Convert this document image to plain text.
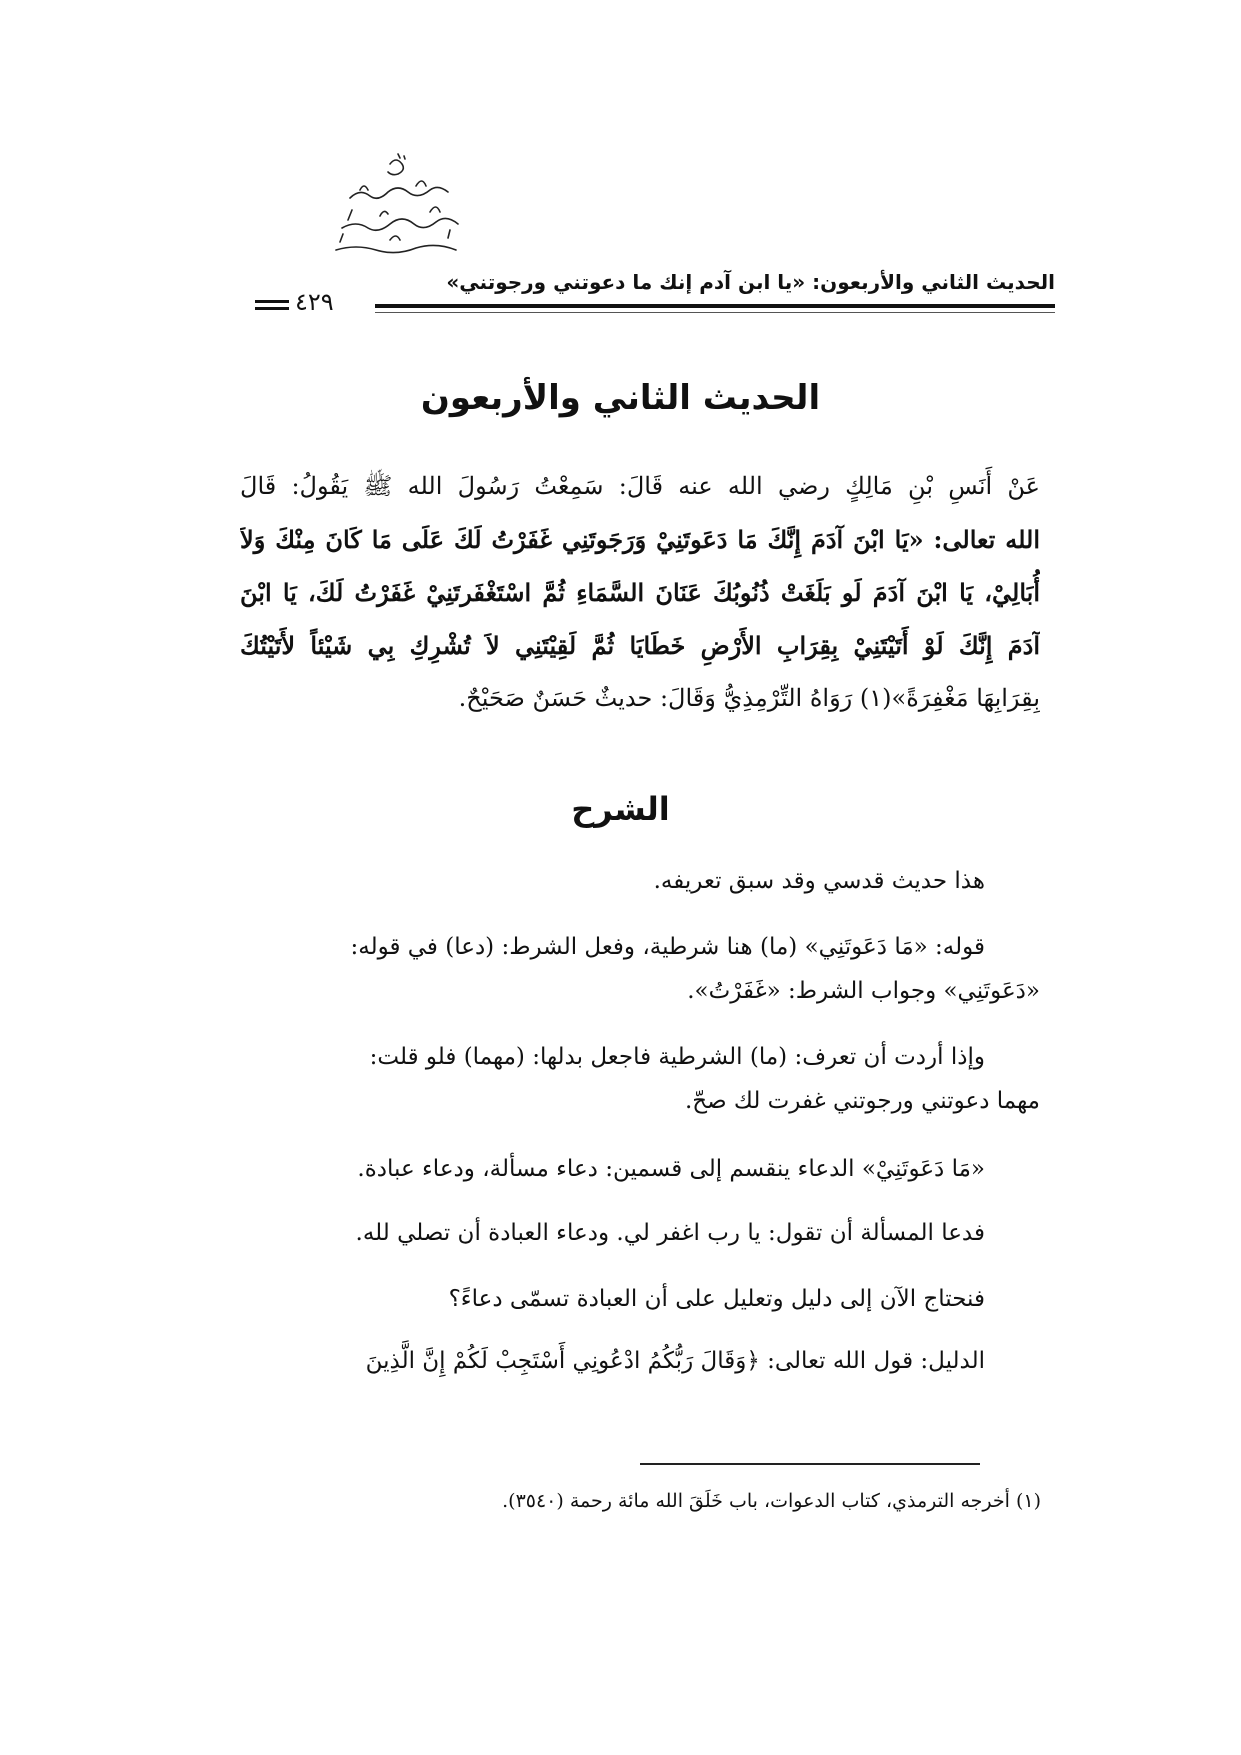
الحديث الثاني والأربعون: «يا ابن آدم إنك ما دعوتني ورجوتني»
٤٢٩
الحديث الثاني والأربعون
عَنْ أَنَسِ بْنِ مَالِكٍ رضي الله عنه قَالَ: سَمِعْتُ رَسُولَ الله ﷺ يَقُولُ: قَالَ
الله تعالى: «يَا ابْنَ آدَمَ إِنَّكَ مَا دَعَوتَنِيْ وَرَجَوتَنِي غَفَرْتُ لَكَ عَلَى مَا كَانَ مِنْكَ وَلاَ
أُبَالِيْ، يَا ابْنَ آدَمَ لَو بَلَغَتْ ذُنُوبُكَ عَنَانَ السَّمَاءِ ثُمَّ اسْتَغْفَرتَنِيْ غَفَرْتُ لَكَ، يَا ابْنَ
آدَمَ إِنَّكَ لَوْ أَتَيْتَنِيْ بِقِرَابِ الأَرْضِ خَطَايَا ثُمَّ لَقِيْتَنِي لاَ تُشْرِكِ بِي شَيْئاً لأَتَيْتُكَ
بِقِرَابِهَا مَغْفِرَةً»(١) رَوَاهُ التِّرْمِذِيُّ وَقَالَ: حديثٌ حَسَنٌ صَحَيْحٌ.
الشرح
هذا حديث قدسي وقد سبق تعريفه.
قوله: «مَا دَعَوتَنِي» (ما) هنا شرطية، وفعل الشرط: (دعا) في قوله:
«دَعَوتَنِي» وجواب الشرط: «غَفَرْتُ».
وإذا أردت أن تعرف: (ما) الشرطية فاجعل بدلها: (مهما) فلو قلت:
مهما دعوتني ورجوتني غفرت لك صحّ.
«مَا دَعَوتَنِيْ» الدعاء ينقسم إلى قسمين: دعاء مسألة، ودعاء عبادة.
فدعا المسألة أن تقول: يا رب اغفر لي. ودعاء العبادة أن تصلي لله.
فنحتاج الآن إلى دليل وتعليل على أن العبادة تسمّى دعاءً؟
الدليل: قول الله تعالى: ﴿وَقَالَ رَبُّكُمُ ادْعُونِي أَسْتَجِبْ لَكُمْ إِنَّ الَّذِينَ
(١) أخرجه الترمذي، كتاب الدعوات، باب خَلَقَ الله مائة رحمة (٣٥٤٠).
